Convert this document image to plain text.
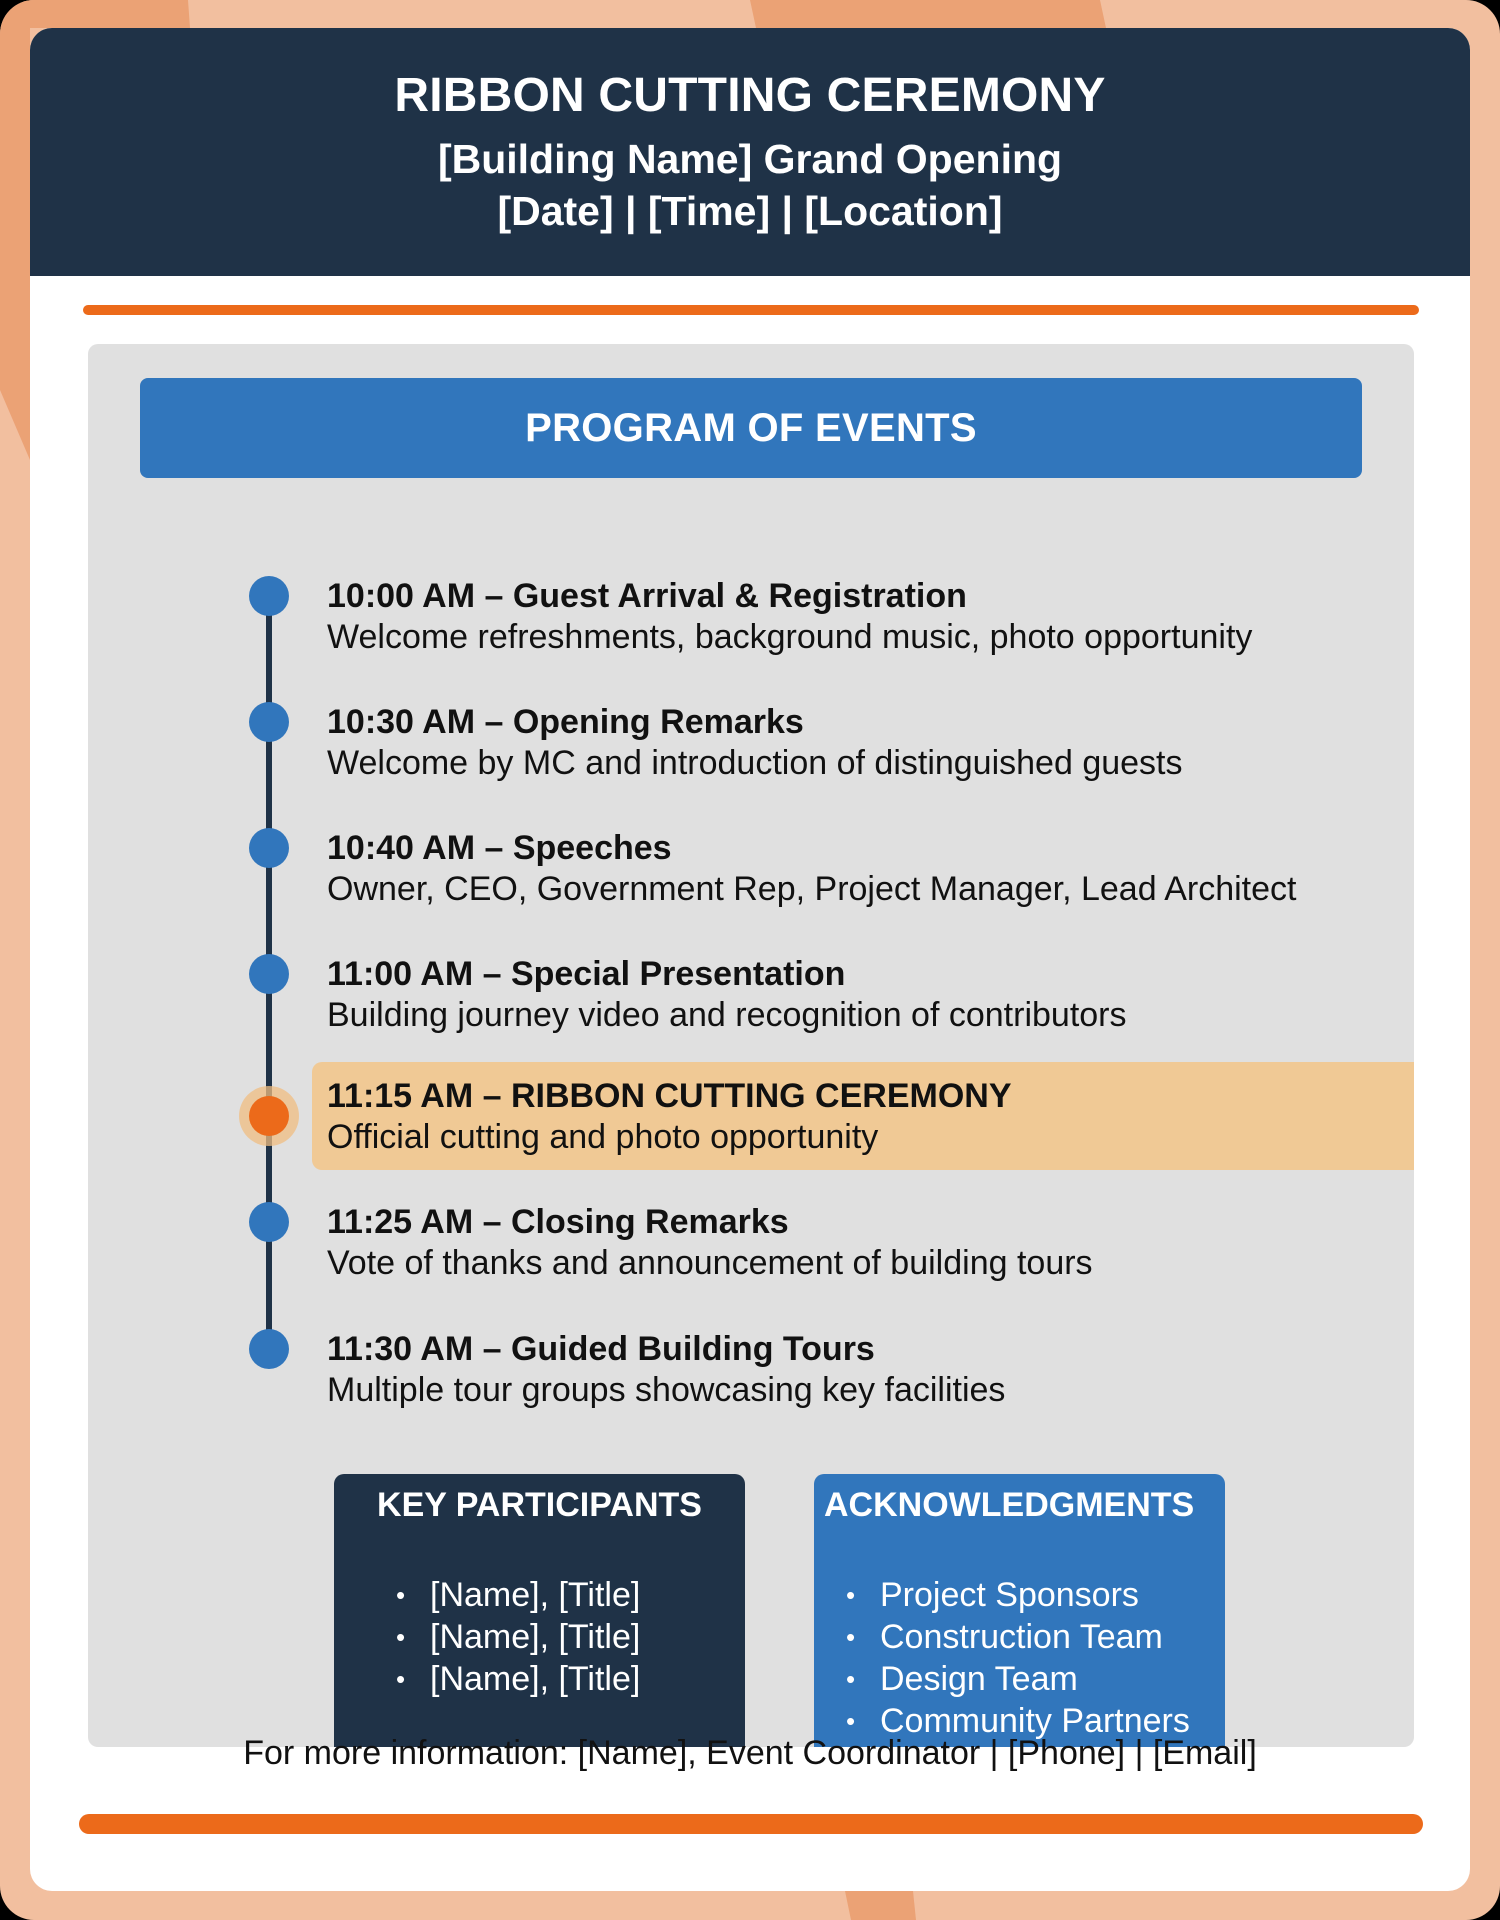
RIBBON CUTTING CEREMONY
[Building Name] Grand Opening
[Date] | [Time] | [Location]
PROGRAM OF EVENTS
10:00 AM – Guest Arrival & Registration
Welcome refreshments, background music, photo opportunity
10:30 AM – Opening Remarks
Welcome by MC and introduction of distinguished guests
10:40 AM – Speeches
Owner, CEO, Government Rep, Project Manager, Lead Architect
11:00 AM – Special Presentation
Building journey video and recognition of contributors
11:15 AM – RIBBON CUTTING CEREMONY
Official cutting and photo opportunity
11:25 AM – Closing Remarks
Vote of thanks and announcement of building tours
11:30 AM – Guided Building Tours
Multiple tour groups showcasing key facilities
KEY PARTICIPANTS
• [Name], [Title]
• [Name], [Title]
• [Name], [Title]
ACKNOWLEDGMENTS
• Project Sponsors
• Construction Team
• Design Team
• Community Partners
For more information: [Name], Event Coordinator | [Phone] | [Email]
